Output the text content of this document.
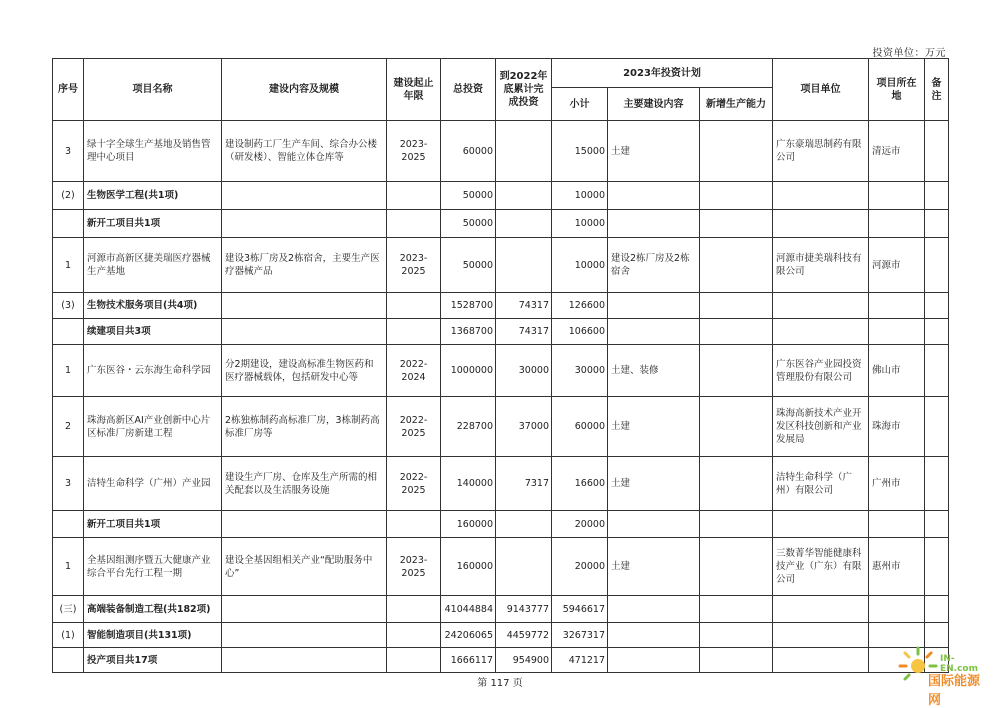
投资单位：万元
序号	项目名称	建设内容及规模	建设起止年限	总投资	到2022年底累计完成投资	2023年投资计划			项目单位	项目所在地	备注
						小计	主要建设内容	新增生产能力			
3	绿十字全球生产基地及销售管理中心项目	建设制药工厂生产车间、综合办公楼（研发楼）、智能立体仓库等	2023-2025	60000		15000	土建		广东豪瑞思制药有限公司	清远市	
(2)	生物医学工程(共1项)			50000		10000					
	新开工项目共1项			50000		10000					
1	河源市高新区捷美瑞医疗器械生产基地	建设3栋厂房及2栋宿舍，主要生产医疗器械产品	2023-2025	50000		10000	建设2栋厂房及2栋宿舍		河源市捷美瑞科技有限公司	河源市	
(3)	生物技术服务项目(共4项)			1528700	74317	126600					
	续建项目共3项			1368700	74317	106600					
1	广东医谷・云东海生命科学园	分2期建设，建设高标准生物医药和医疗器械载体，包括研发中心等	2022-2024	1000000	30000	30000	土建、装修		广东医谷产业园投资管理股份有限公司	佛山市	
2	珠海高新区AI产业创新中心片区标准厂房新建工程	2栋独栋制药高标准厂房，3栋制药高标准厂房等	2022-2025	228700	37000	60000	土建		珠海高新技术产业开发区科技创新和产业发展局	珠海市	
3	洁特生命科学（广州）产业园	建设生产厂房、仓库及生产所需的相关配套以及生活服务设施	2022-2025	140000	7317	16600	土建		洁特生命科学（广州）有限公司	广州市	
	新开工项目共1项			160000		20000					
1	全基因组测序暨五大健康产业综合平台先行工程一期	建设全基因组相关产业“配助服务中心”	2023-2025	160000		20000	土建		三数菁华智能健康科技产业（广东）有限公司	惠州市	
(三)	高端装备制造工程(共182项)			41044884	9143777	5946617					
(1)	智能制造项目(共131项)			24206065	4459772	3267317					
	投产项目共17项			1666117	954900	471217					
第 117 页
IN-EN.com
国际能源网
